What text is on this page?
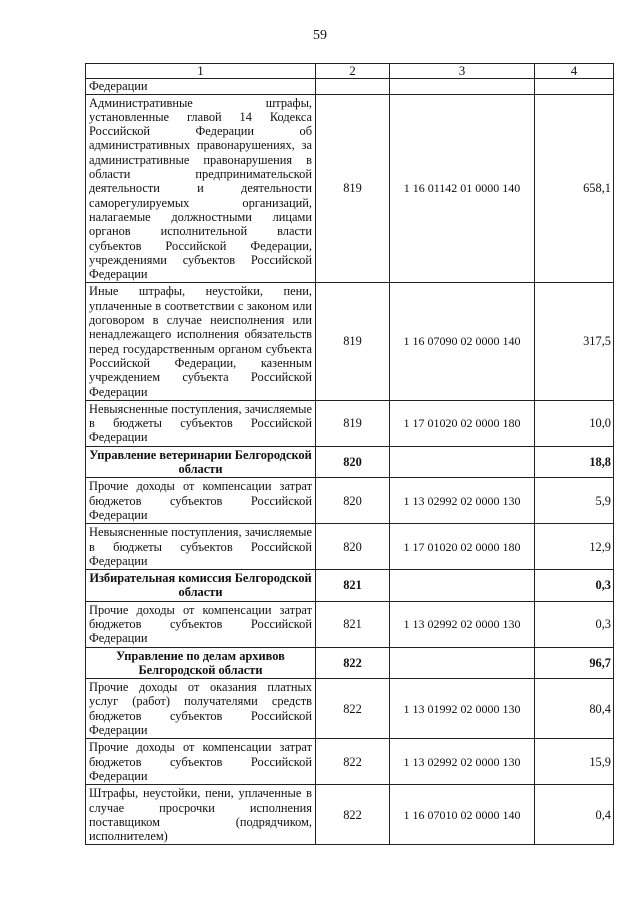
59
1	2	3	4
Федерации			
Административные штрафы, установленные главой 14 Кодекса Российской Федерации об административных правонарушениях, за административные правонарушения в области предпринимательской деятельности и деятельности саморегулируемых организаций, налагаемые должностными лицами органов исполнительной власти субъектов Российской Федерации, учреждениями субъектов Российской Федерации	819	1 16 01142 01 0000 140	658,1
Иные штрафы, неустойки, пени, уплаченные в соответствии с законом или договором в случае неисполнения или ненадлежащего исполнения обязательств перед государственным органом субъекта Российской Федерации, казенным учреждением субъекта Российской Федерации	819	1 16 07090 02 0000 140	317,5
Невыясненные поступления, зачисляемые в бюджеты субъектов Российской Федерации	819	1 17 01020 02 0000 180	10,0
Управление ветеринарии Белгородской области	820		18,8
Прочие доходы от компенсации затрат бюджетов субъектов Российской Федерации	820	1 13 02992 02 0000 130	5,9
Невыясненные поступления, зачисляемые в бюджеты субъектов Российской Федерации	820	1 17 01020 02 0000 180	12,9
Избирательная комиссия Белгородской области	821		0,3
Прочие доходы от компенсации затрат бюджетов субъектов Российской Федерации	821	1 13 02992 02 0000 130	0,3
Управление по делам архивов Белгородской области	822		96,7
Прочие доходы от оказания платных услуг (работ) получателями средств бюджетов субъектов Российской Федерации	822	1 13 01992 02 0000 130	80,4
Прочие доходы от компенсации затрат бюджетов субъектов Российской Федерации	822	1 13 02992 02 0000 130	15,9
Штрафы, неустойки, пени, уплаченные в случае просрочки исполнения поставщиком (подрядчиком, исполнителем)	822	1 16 07010 02 0000 140	0,4
